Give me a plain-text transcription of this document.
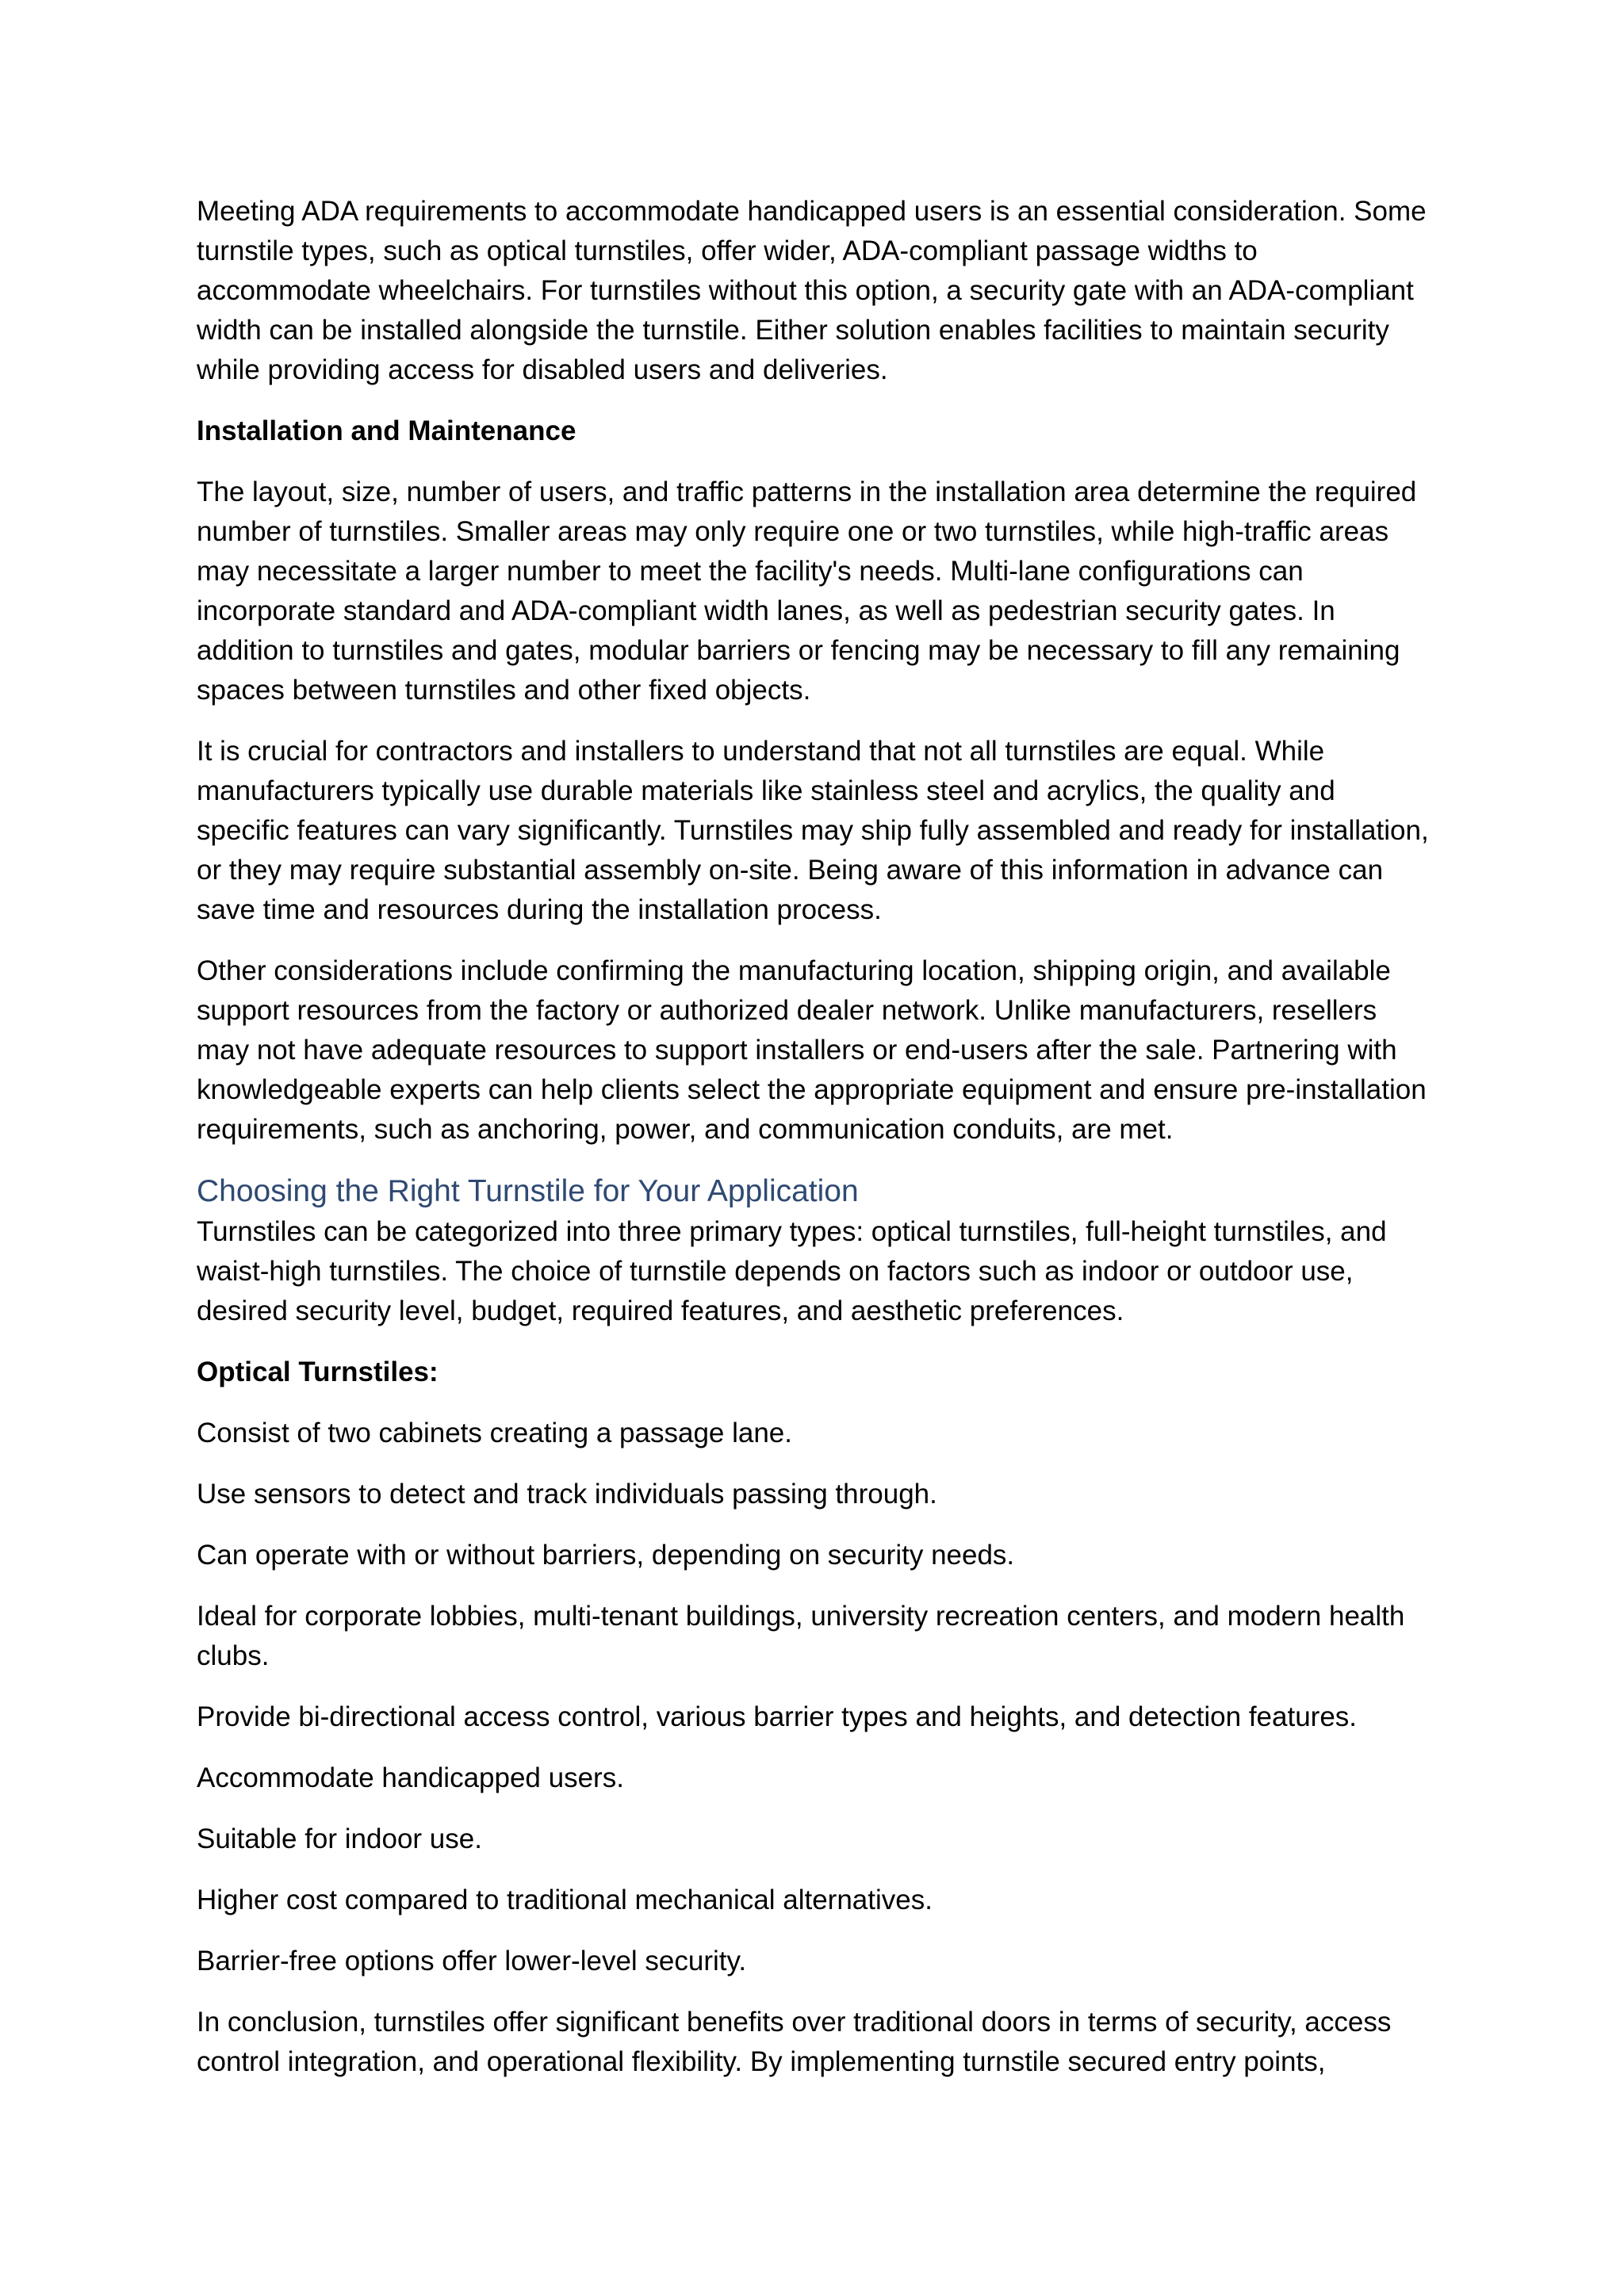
Meeting ADA requirements to accommodate handicapped users is an essential consideration. Some turnstile types, such as optical turnstiles, offer wider, ADA-compliant passage widths to accommodate wheelchairs. For turnstiles without this option, a security gate with an ADA-compliant width can be installed alongside the turnstile. Either solution enables facilities to maintain security while providing access for disabled users and deliveries.

Installation and Maintenance

The layout, size, number of users, and traffic patterns in the installation area determine the required number of turnstiles. Smaller areas may only require one or two turnstiles, while high-traffic areas may necessitate a larger number to meet the facility's needs. Multi-lane configurations can incorporate standard and ADA-compliant width lanes, as well as pedestrian security gates. In addition to turnstiles and gates, modular barriers or fencing may be necessary to fill any remaining spaces between turnstiles and other fixed objects.

It is crucial for contractors and installers to understand that not all turnstiles are equal. While manufacturers typically use durable materials like stainless steel and acrylics, the quality and specific features can vary significantly. Turnstiles may ship fully assembled and ready for installation, or they may require substantial assembly on-site. Being aware of this information in advance can save time and resources during the installation process.

Other considerations include confirming the manufacturing location, shipping origin, and available support resources from the factory or authorized dealer network. Unlike manufacturers, resellers may not have adequate resources to support installers or end-users after the sale. Partnering with knowledgeable experts can help clients select the appropriate equipment and ensure pre-installation requirements, such as anchoring, power, and communication conduits, are met.

Choosing the Right Turnstile for Your Application

Turnstiles can be categorized into three primary types: optical turnstiles, full-height turnstiles, and waist-high turnstiles. The choice of turnstile depends on factors such as indoor or outdoor use, desired security level, budget, required features, and aesthetic preferences.

Optical Turnstiles:

Consist of two cabinets creating a passage lane.

Use sensors to detect and track individuals passing through.

Can operate with or without barriers, depending on security needs.

Ideal for corporate lobbies, multi-tenant buildings, university recreation centers, and modern health clubs.

Provide bi-directional access control, various barrier types and heights, and detection features.

Accommodate handicapped users.

Suitable for indoor use.

Higher cost compared to traditional mechanical alternatives.

Barrier-free options offer lower-level security.

In conclusion, turnstiles offer significant benefits over traditional doors in terms of security, access control integration, and operational flexibility. By implementing turnstile secured entry points,
